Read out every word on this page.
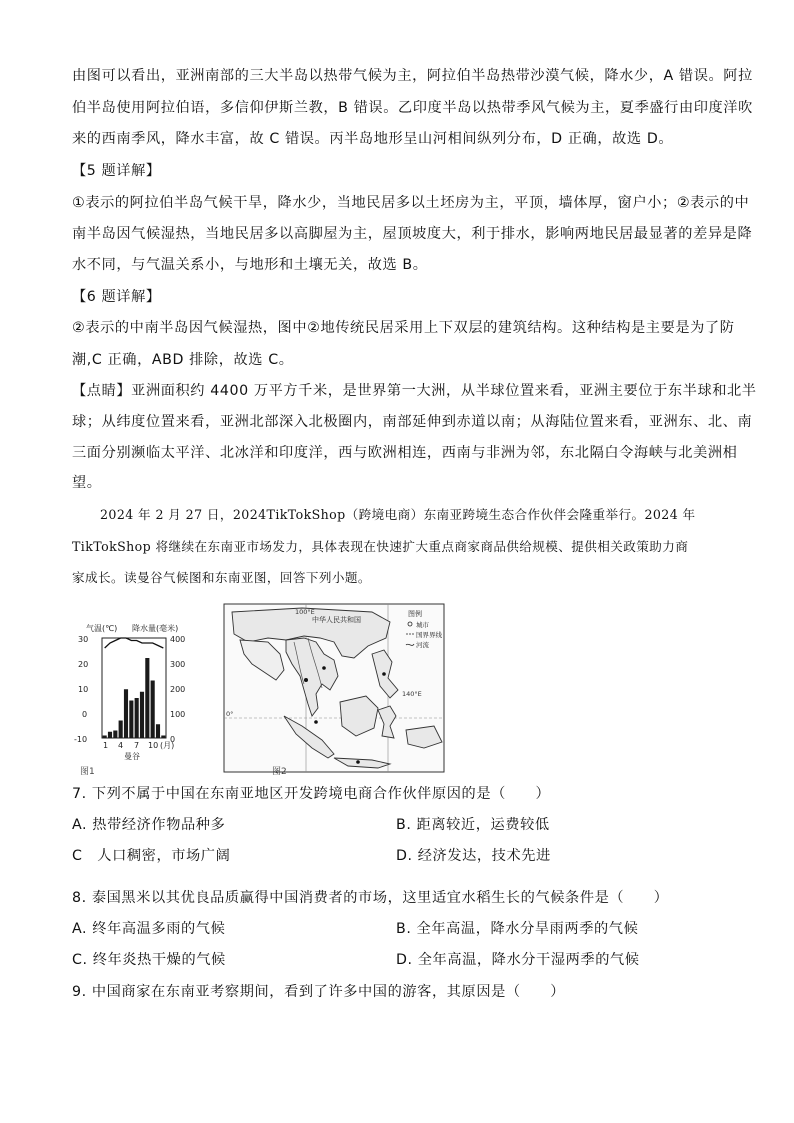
由图可以看出，亚洲南部的三大半岛以热带气候为主，阿拉伯半岛热带沙漠气候，降水少，A 错误。阿拉
伯半岛使用阿拉伯语，多信仰伊斯兰教，B 错误。乙印度半岛以热带季风气候为主，夏季盛行由印度洋吹
来的西南季风，降水丰富，故 C 错误。丙半岛地形呈山河相间纵列分布，D 正确，故选 D。
【5 题详解】
①表示的阿拉伯半岛气候干旱，降水少，当地民居多以土坯房为主，平顶，墙体厚，窗户小；②表示的中
南半岛因气候湿热，当地民居多以高脚屋为主，屋顶坡度大，利于排水，影响两地民居最显著的差异是降
水不同，与气温关系小，与地形和土壤无关，故选 B。
【6 题详解】
②表示的中南半岛因气候湿热，图中②地传统民居采用上下双层的建筑结构。这种结构是主要是为了防
潮,C 正确，ABD 排除，故选 C。
【点睛】亚洲面积约 4400 万平方千米，是世界第一大洲，从半球位置来看，亚洲主要位于东半球和北半
球；从纬度位置来看，亚洲北部深入北极圈内，南部延伸到赤道以南；从海陆位置来看，亚洲东、北、南
三面分别濒临太平洋、北冰洋和印度洋，西与欧洲相连，西南与非洲为邻，东北隔白令海峡与北美洲相
望。
2024 年 2 月 27 日，2024TikTokShop（跨境电商）东南亚跨境生态合作伙伴会隆重举行。2024 年
TikTokShop 将继续在东南亚市场发力，具体表现在快速扩大重点商家商品供给规模、提供相关政策助力商
家成长。读曼谷气候图和东南亚图，回答下列小题。
气温(℃) 降水量(毫米)
30
20
10
0
-10
400
300
200
100
0
1 4 7 10 (月)
曼谷
图1
中华人民共和国
100°E
140°E
0°
图例
城市
国界界线
河流
图2
7. 下列不属于中国在东南亚地区开发跨境电商合作伙伴原因的是（　　）
A. 热带经济作物品种多	B. 距离较近，运费较低
C　人口稠密，市场广阔	D. 经济发达，技术先进
8. 泰国黑米以其优良品质赢得中国消费者的市场，这里适宜水稻生长的气候条件是（　　）
A. 终年高温多雨的气候	B. 全年高温，降水分旱雨两季的气候
C. 终年炎热干燥的气候	D. 全年高温，降水分干湿两季的气候
9. 中国商家在东南亚考察期间，看到了许多中国的游客，其原因是（　　）
